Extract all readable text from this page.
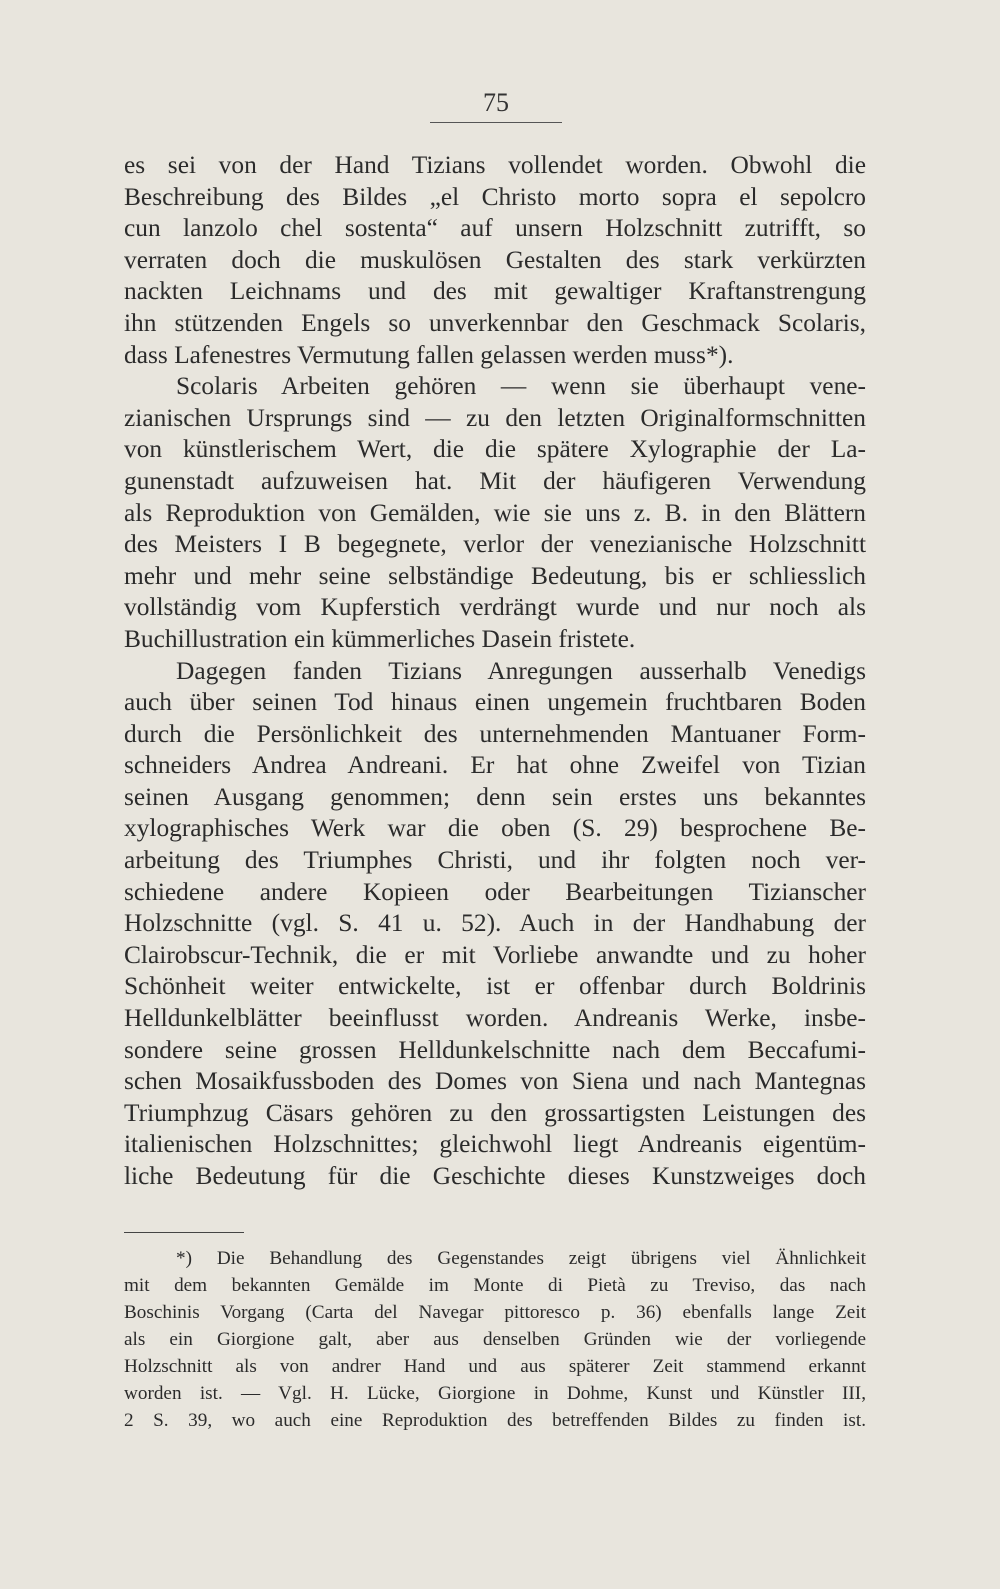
75
es sei von der Hand Tizians vollendet worden. Obwohl die
Beschreibung des Bildes „el Christo morto sopra el sepolcro
cun lanzolo chel sostenta“ auf unsern Holzschnitt zutrifft, so
verraten doch die muskulösen Gestalten des stark verkürzten
nackten Leichnams und des mit gewaltiger Kraftanstrengung
ihn stützenden Engels so unverkennbar den Geschmack Scolaris,
dass Lafenestres Vermutung fallen gelassen werden muss*).
Scolaris Arbeiten gehören — wenn sie überhaupt vene-
zianischen Ursprungs sind — zu den letzten Originalformschnitten
von künstlerischem Wert, die die spätere Xylographie der La-
gunenstadt aufzuweisen hat. Mit der häufigeren Verwendung
als Reproduktion von Gemälden, wie sie uns z. B. in den Blättern
des Meisters I B begegnete, verlor der venezianische Holzschnitt
mehr und mehr seine selbständige Bedeutung, bis er schliesslich
vollständig vom Kupferstich verdrängt wurde und nur noch als
Buchillustration ein kümmerliches Dasein fristete.
Dagegen fanden Tizians Anregungen ausserhalb Venedigs
auch über seinen Tod hinaus einen ungemein fruchtbaren Boden
durch die Persönlichkeit des unternehmenden Mantuaner Form-
schneiders Andrea Andreani. Er hat ohne Zweifel von Tizian
seinen Ausgang genommen; denn sein erstes uns bekanntes
xylographisches Werk war die oben (S. 29) besprochene Be-
arbeitung des Triumphes Christi, und ihr folgten noch ver-
schiedene andere Kopieen oder Bearbeitungen Tizianscher
Holzschnitte (vgl. S. 41 u. 52). Auch in der Handhabung der
Clairobscur-Technik, die er mit Vorliebe anwandte und zu hoher
Schönheit weiter entwickelte, ist er offenbar durch Boldrinis
Helldunkelblätter beeinflusst worden. Andreanis Werke, insbe-
sondere seine grossen Helldunkelschnitte nach dem Beccafumi-
schen Mosaikfussboden des Domes von Siena und nach Mantegnas
Triumphzug Cäsars gehören zu den grossartigsten Leistungen des
italienischen Holzschnittes; gleichwohl liegt Andreanis eigentüm-
liche Bedeutung für die Geschichte dieses Kunstzweiges doch
*) Die Behandlung des Gegenstandes zeigt übrigens viel Ähnlichkeit
mit dem bekannten Gemälde im Monte di Pietà zu Treviso, das nach
Boschinis Vorgang (Carta del Navegar pittoresco p. 36) ebenfalls lange Zeit
als ein Giorgione galt, aber aus denselben Gründen wie der vorliegende
Holzschnitt als von andrer Hand und aus späterer Zeit stammend erkannt
worden ist. — Vgl. H. Lücke, Giorgione in Dohme, Kunst und Künstler III,
2 S. 39, wo auch eine Reproduktion des betreffenden Bildes zu finden ist.
